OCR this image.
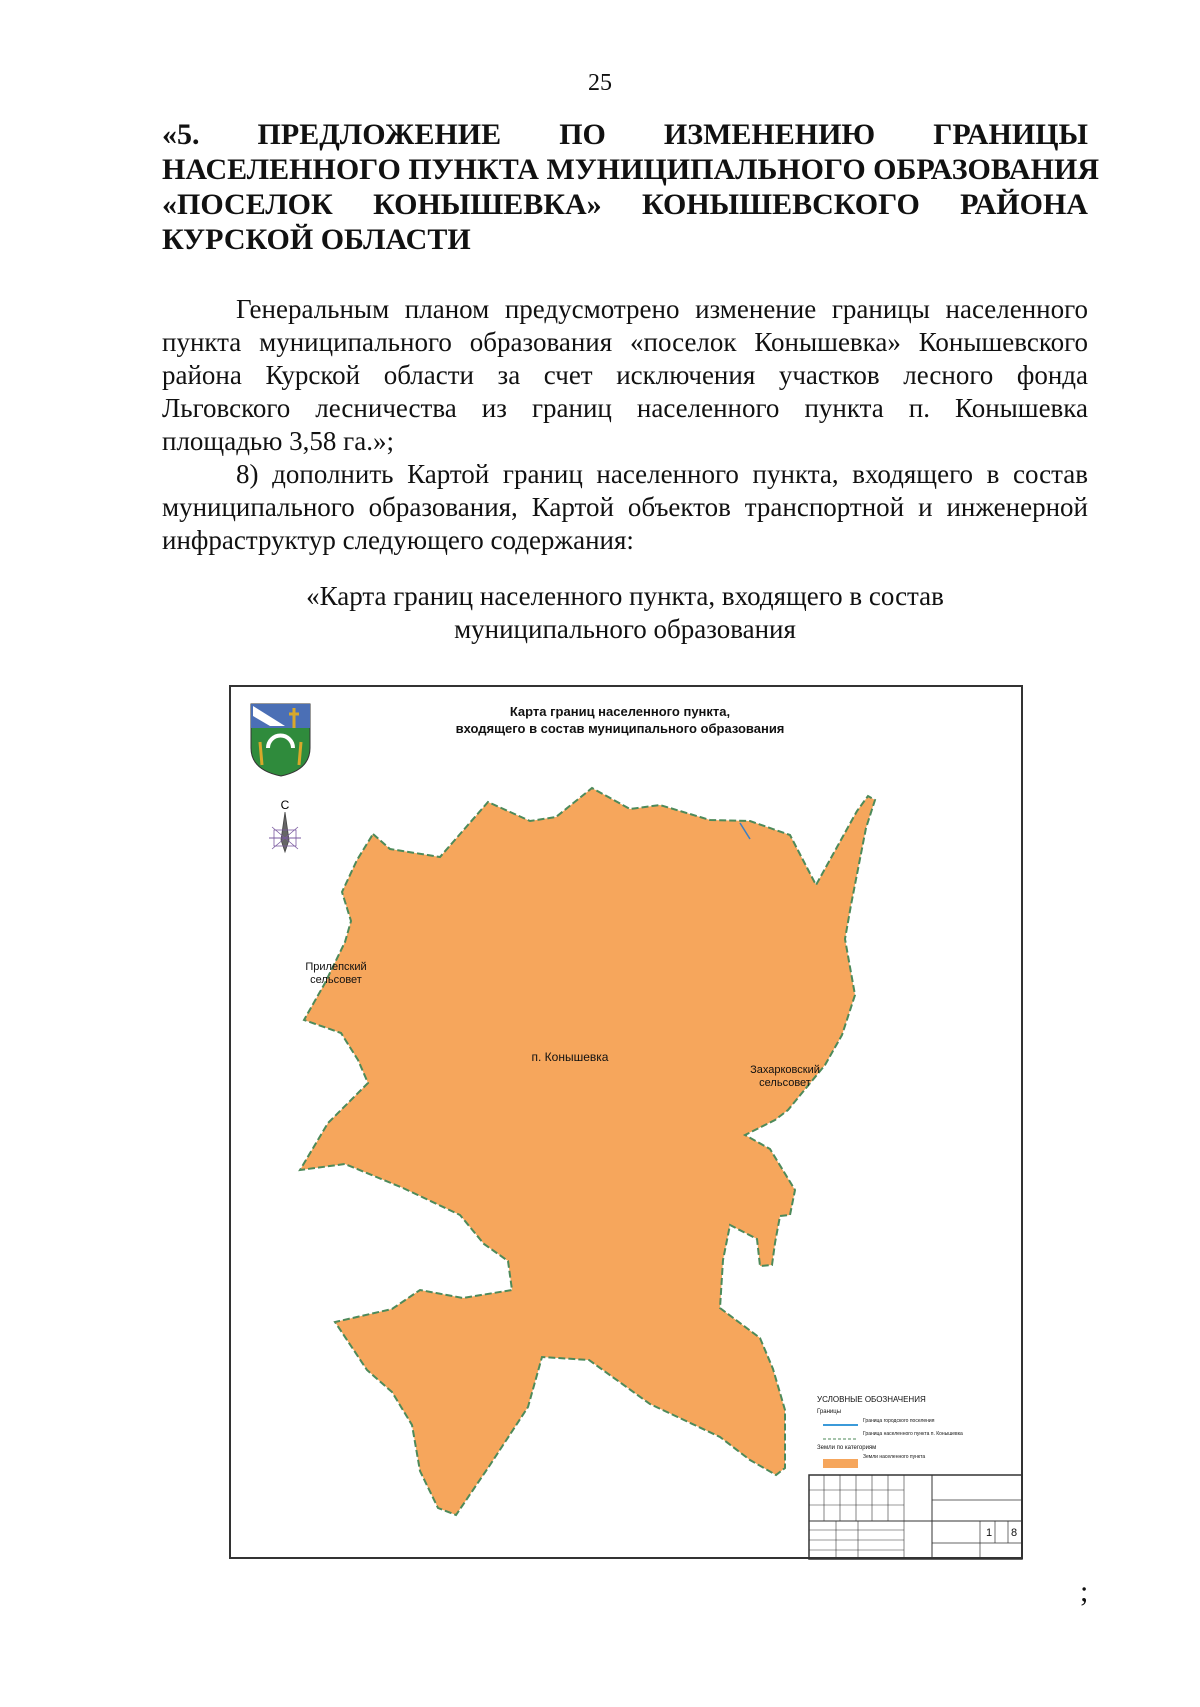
25
«5. ПРЕДЛОЖЕНИЕ ПО ИЗМЕНЕНИЮ ГРАНИЦЫ
НАСЕЛЕННОГО ПУНКТА МУНИЦИПАЛЬНОГО ОБРАЗОВАНИЯ
«ПОСЕЛОК КОНЫШЕВКА» КОНЫШЕВСКОГО РАЙОНА
КУРСКОЙ ОБЛАСТИ
Генеральным планом предусмотрено изменение границы населенного
пункта муниципального образования «поселок Конышевка» Конышевского
района Курской области за счет исключения участков лесного фонда
Льговского лесничества из границ населенного пункта п. Конышевка
площадью 3,58 га.»;
8) дополнить Картой границ населенного пункта, входящего в состав
муниципального образования, Картой объектов транспортной и инженерной
инфраструктур следующего содержания:
«Карта границ населенного пункта, входящего в состав
муниципального образования
С
Карта границ населенного пункта,
входящего в состав муниципального образования
Прилепский
сельсовет
п. Конышевка
Захарковский
сельсовет
УСЛОВНЫЕ ОБОЗНАЧЕНИЯ
Границы
Граница городского поселения
Граница населенного пункта п. Конышевка
Земли по категориям
Земли населенного пункта
1 8
;
